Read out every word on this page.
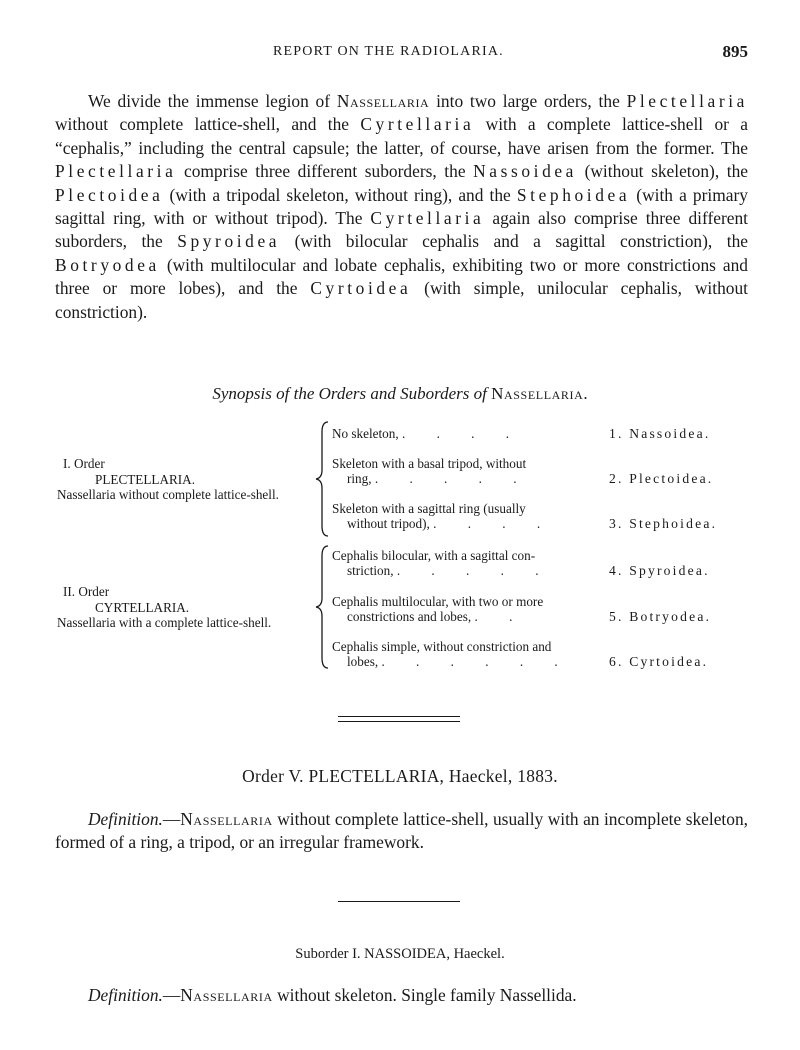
REPORT ON THE RADIOLARIA.	895

We divide the immense legion of Nassellaria into two large orders, the Plectellaria without complete lattice-shell, and the Cyrtellaria with a complete lattice-shell or a “cephalis,” including the central capsule; the latter, of course, have arisen from the former. The Plectellaria comprise three different suborders, the Nassoidea (without skeleton), the Plectoidea (with a tripodal skeleton, without ring), and the Stephoidea (with a primary sagittal ring, with or without tripod). The Cyrtellaria again also comprise three different suborders, the Spyroidea (with bilocular cephalis and a sagittal constriction), the Botryodea (with multilocular and lobate cephalis, exhibiting two or more constrictions and three or more lobes), and the Cyrtoidea (with simple, unilocular cephalis, without constriction).

Synopsis of the Orders and Suborders of Nassellaria.
I. Order
PLECTELLARIA.
Nassellaria without complete lattice-shell.
No skeleton, . . . .	1. Nassoidea.
Skeleton with a basal tripod, without
ring, . . . . .	2. Plectoidea.
Skeleton with a sagittal ring (usually
without tripod), . . . .	3. Stephoidea.
II. Order
CYRTELLARIA.
Nassellaria with a complete lattice-shell.
Cephalis bilocular, with a sagittal con-
striction, . . . . .	4. Spyroidea.
Cephalis multilocular, with two or more
constrictions and lobes, . .	5. Botryodea.
Cephalis simple, without constriction and
lobes, . . . . . .	6. Cyrtoidea.
Order V. PLECTELLARIA, Haeckel, 1883.

Definition.—Nassellaria without complete lattice-shell, usually with an incomplete skeleton, formed of a ring, a tripod, or an irregular framework.

Suborder I. NASSOIDEA, Haeckel.

Definition.—Nassellaria without skeleton. Single family Nassellida.
